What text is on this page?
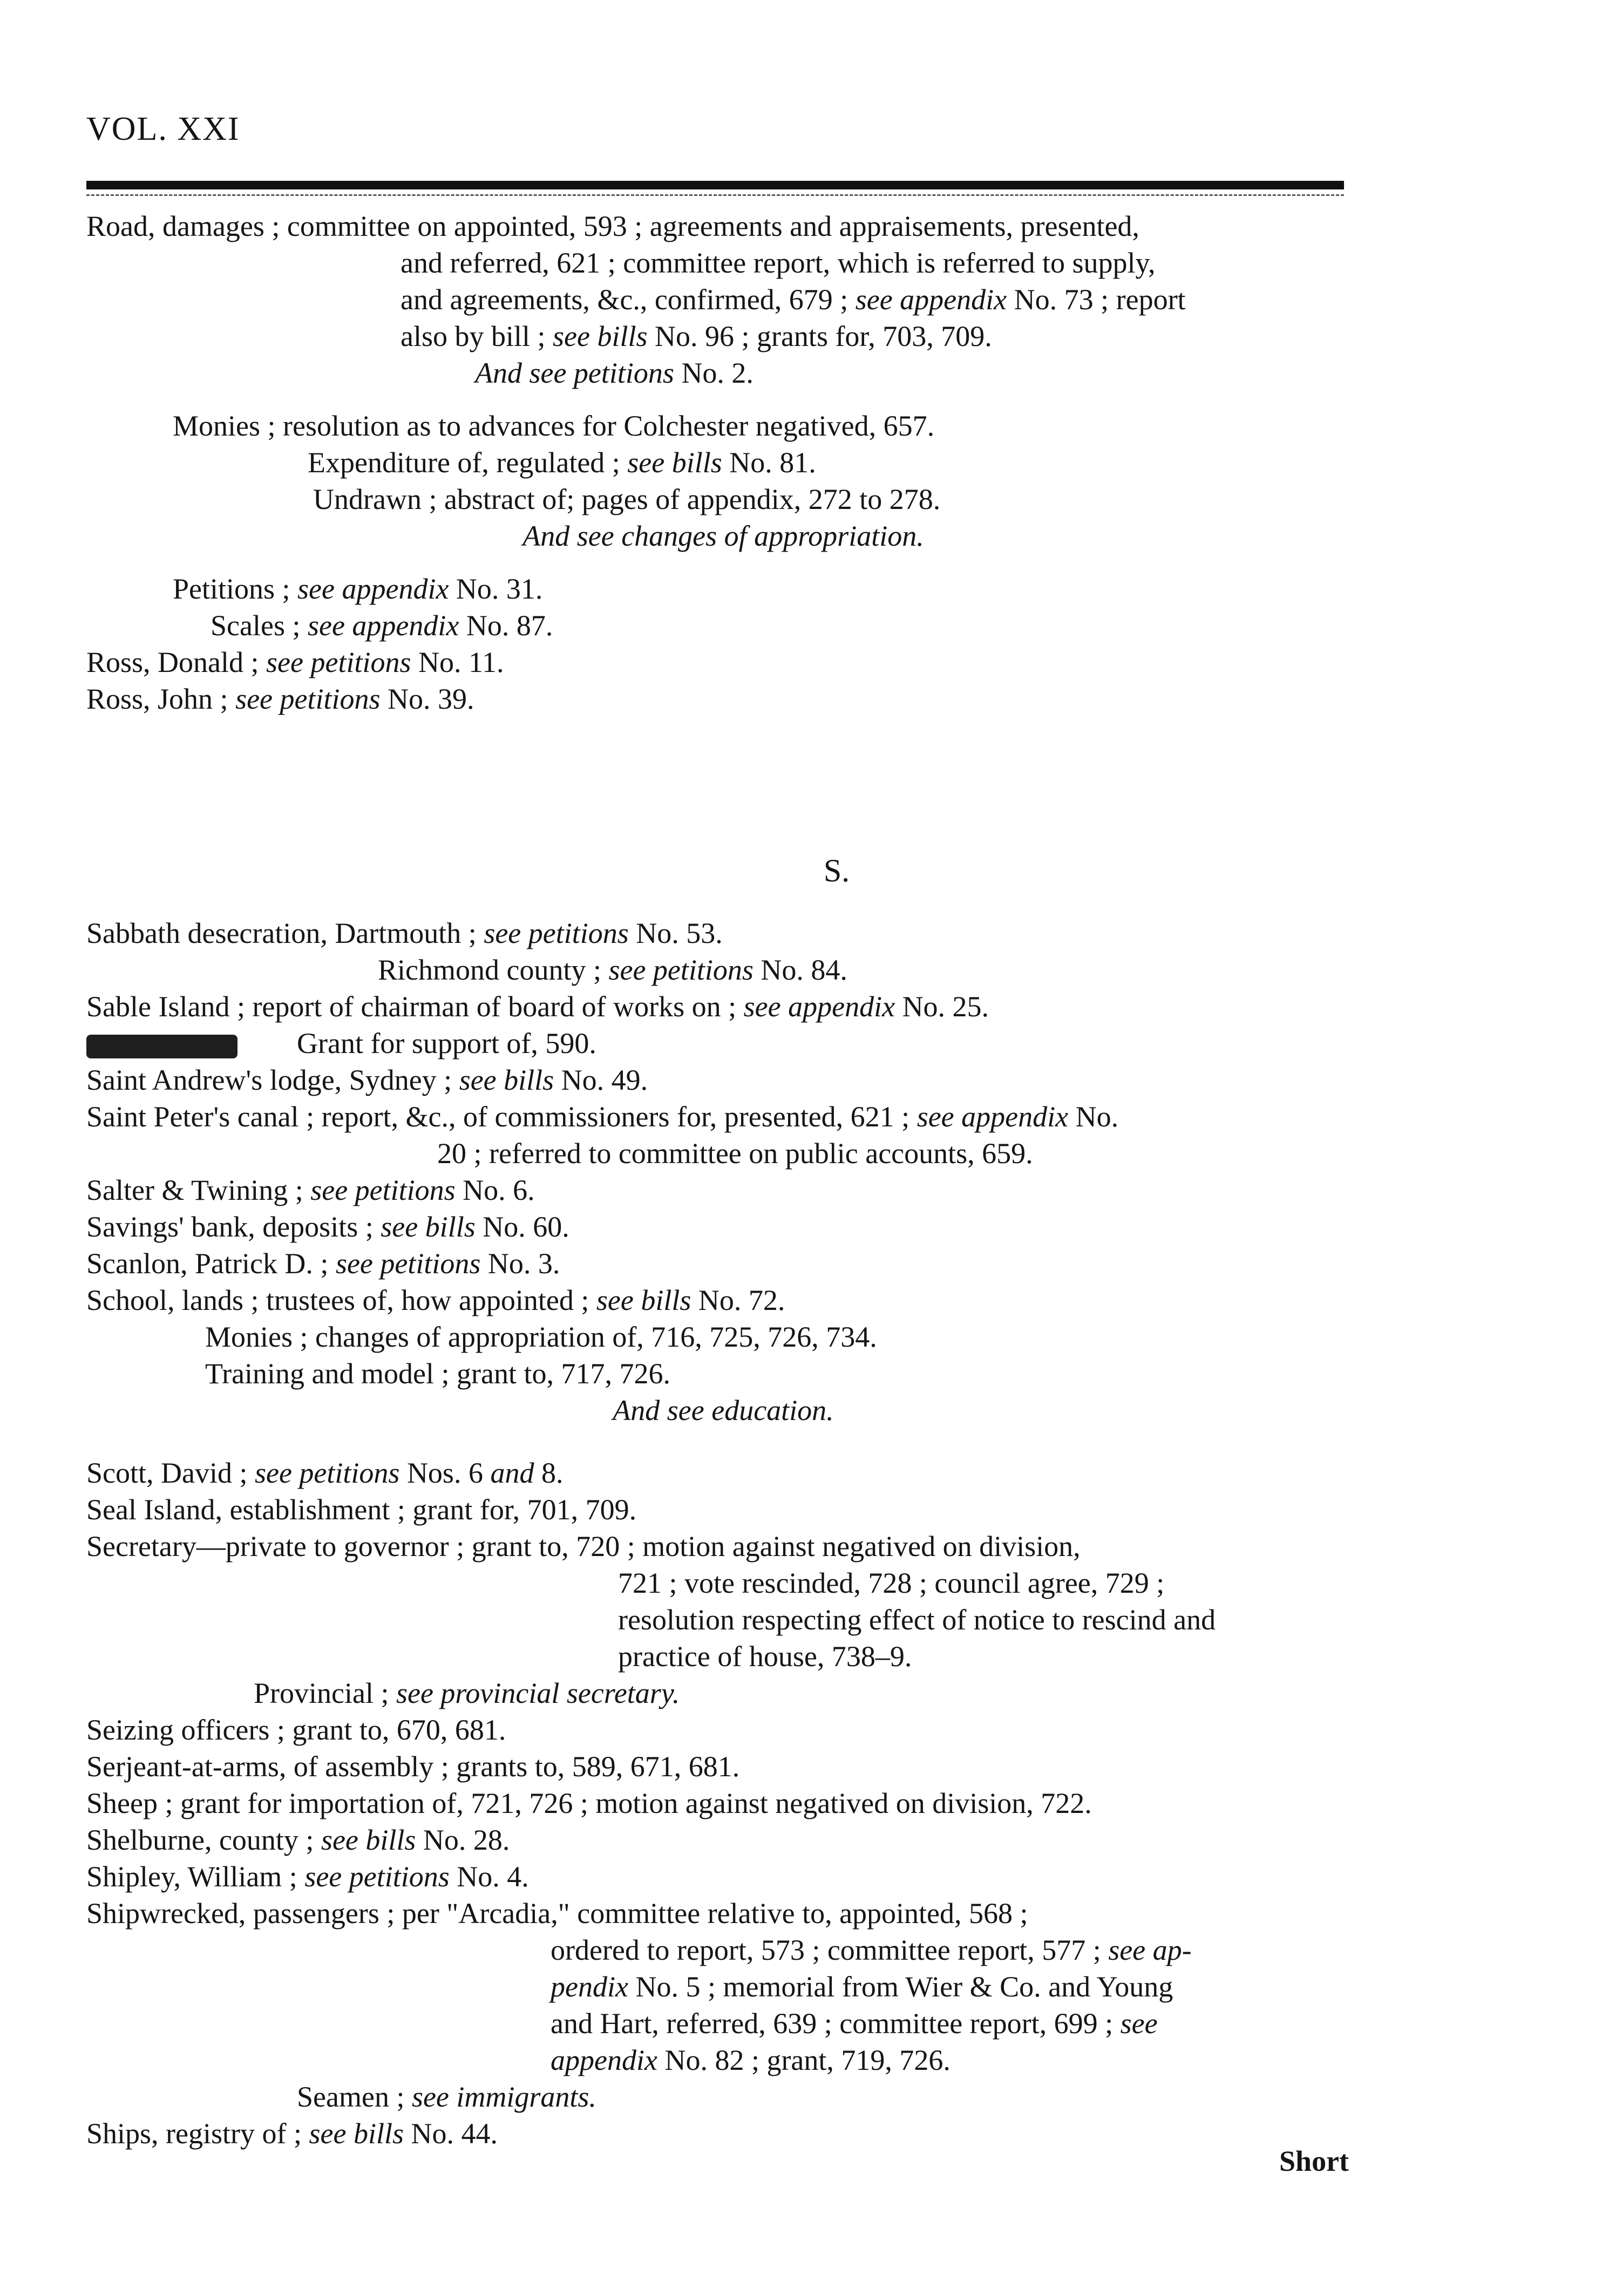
VOL. XXI
Road, damages ; committee on appointed, 593 ; agreements and appraisements, presented,
and referred, 621 ; committee report, which is referred to supply,
and agreements, &c., confirmed, 679 ; see appendix No. 73 ; report
also by bill ; see bills No. 96 ; grants for, 703, 709.
And see petitions No. 2.
Monies ; resolution as to advances for Colchester negatived, 657.
Expenditure of, regulated ; see bills No. 81.
Undrawn ; abstract of; pages of appendix, 272 to 278.
And see changes of appropriation.
Petitions ; see appendix No. 31.
Scales ; see appendix No. 87.
Ross, Donald ; see petitions No. 11.
Ross, John ; see petitions No. 39.
S.
Sabbath desecration, Dartmouth ; see petitions No. 53.
Richmond county ; see petitions No. 84.
Sable Island ; report of chairman of board of works on ; see appendix No. 25.
Grant for support of, 590.
Saint Andrew's lodge, Sydney ; see bills No. 49.
Saint Peter's canal ; report, &c., of commissioners for, presented, 621 ; see appendix No.
20 ; referred to committee on public accounts, 659.
Salter & Twining ; see petitions No. 6.
Savings' bank, deposits ; see bills No. 60.
Scanlon, Patrick D. ; see petitions No. 3.
School, lands ; trustees of, how appointed ; see bills No. 72.
Monies ; changes of appropriation of, 716, 725, 726, 734.
Training and model ; grant to, 717, 726.
And see education.
Scott, David ; see petitions Nos. 6 and 8.
Seal Island, establishment ; grant for, 701, 709.
Secretary—private to governor ; grant to, 720 ; motion against negatived on division,
721 ; vote rescinded, 728 ; council agree, 729 ;
resolution respecting effect of notice to rescind and
practice of house, 738–9.
Provincial ; see provincial secretary.
Seizing officers ; grant to, 670, 681.
Serjeant-at-arms, of assembly ; grants to, 589, 671, 681.
Sheep ; grant for importation of, 721, 726 ; motion against negatived on division, 722.
Shelburne, county ; see bills No. 28.
Shipley, William ; see petitions No. 4.
Shipwrecked, passengers ; per "Arcadia," committee relative to, appointed, 568 ;
ordered to report, 573 ; committee report, 577 ; see ap-
pendix No. 5 ; memorial from Wier & Co. and Young
and Hart, referred, 639 ; committee report, 699 ; see
appendix No. 82 ; grant, 719, 726.
Seamen ; see immigrants.
Ships, registry of ; see bills No. 44.
Short
